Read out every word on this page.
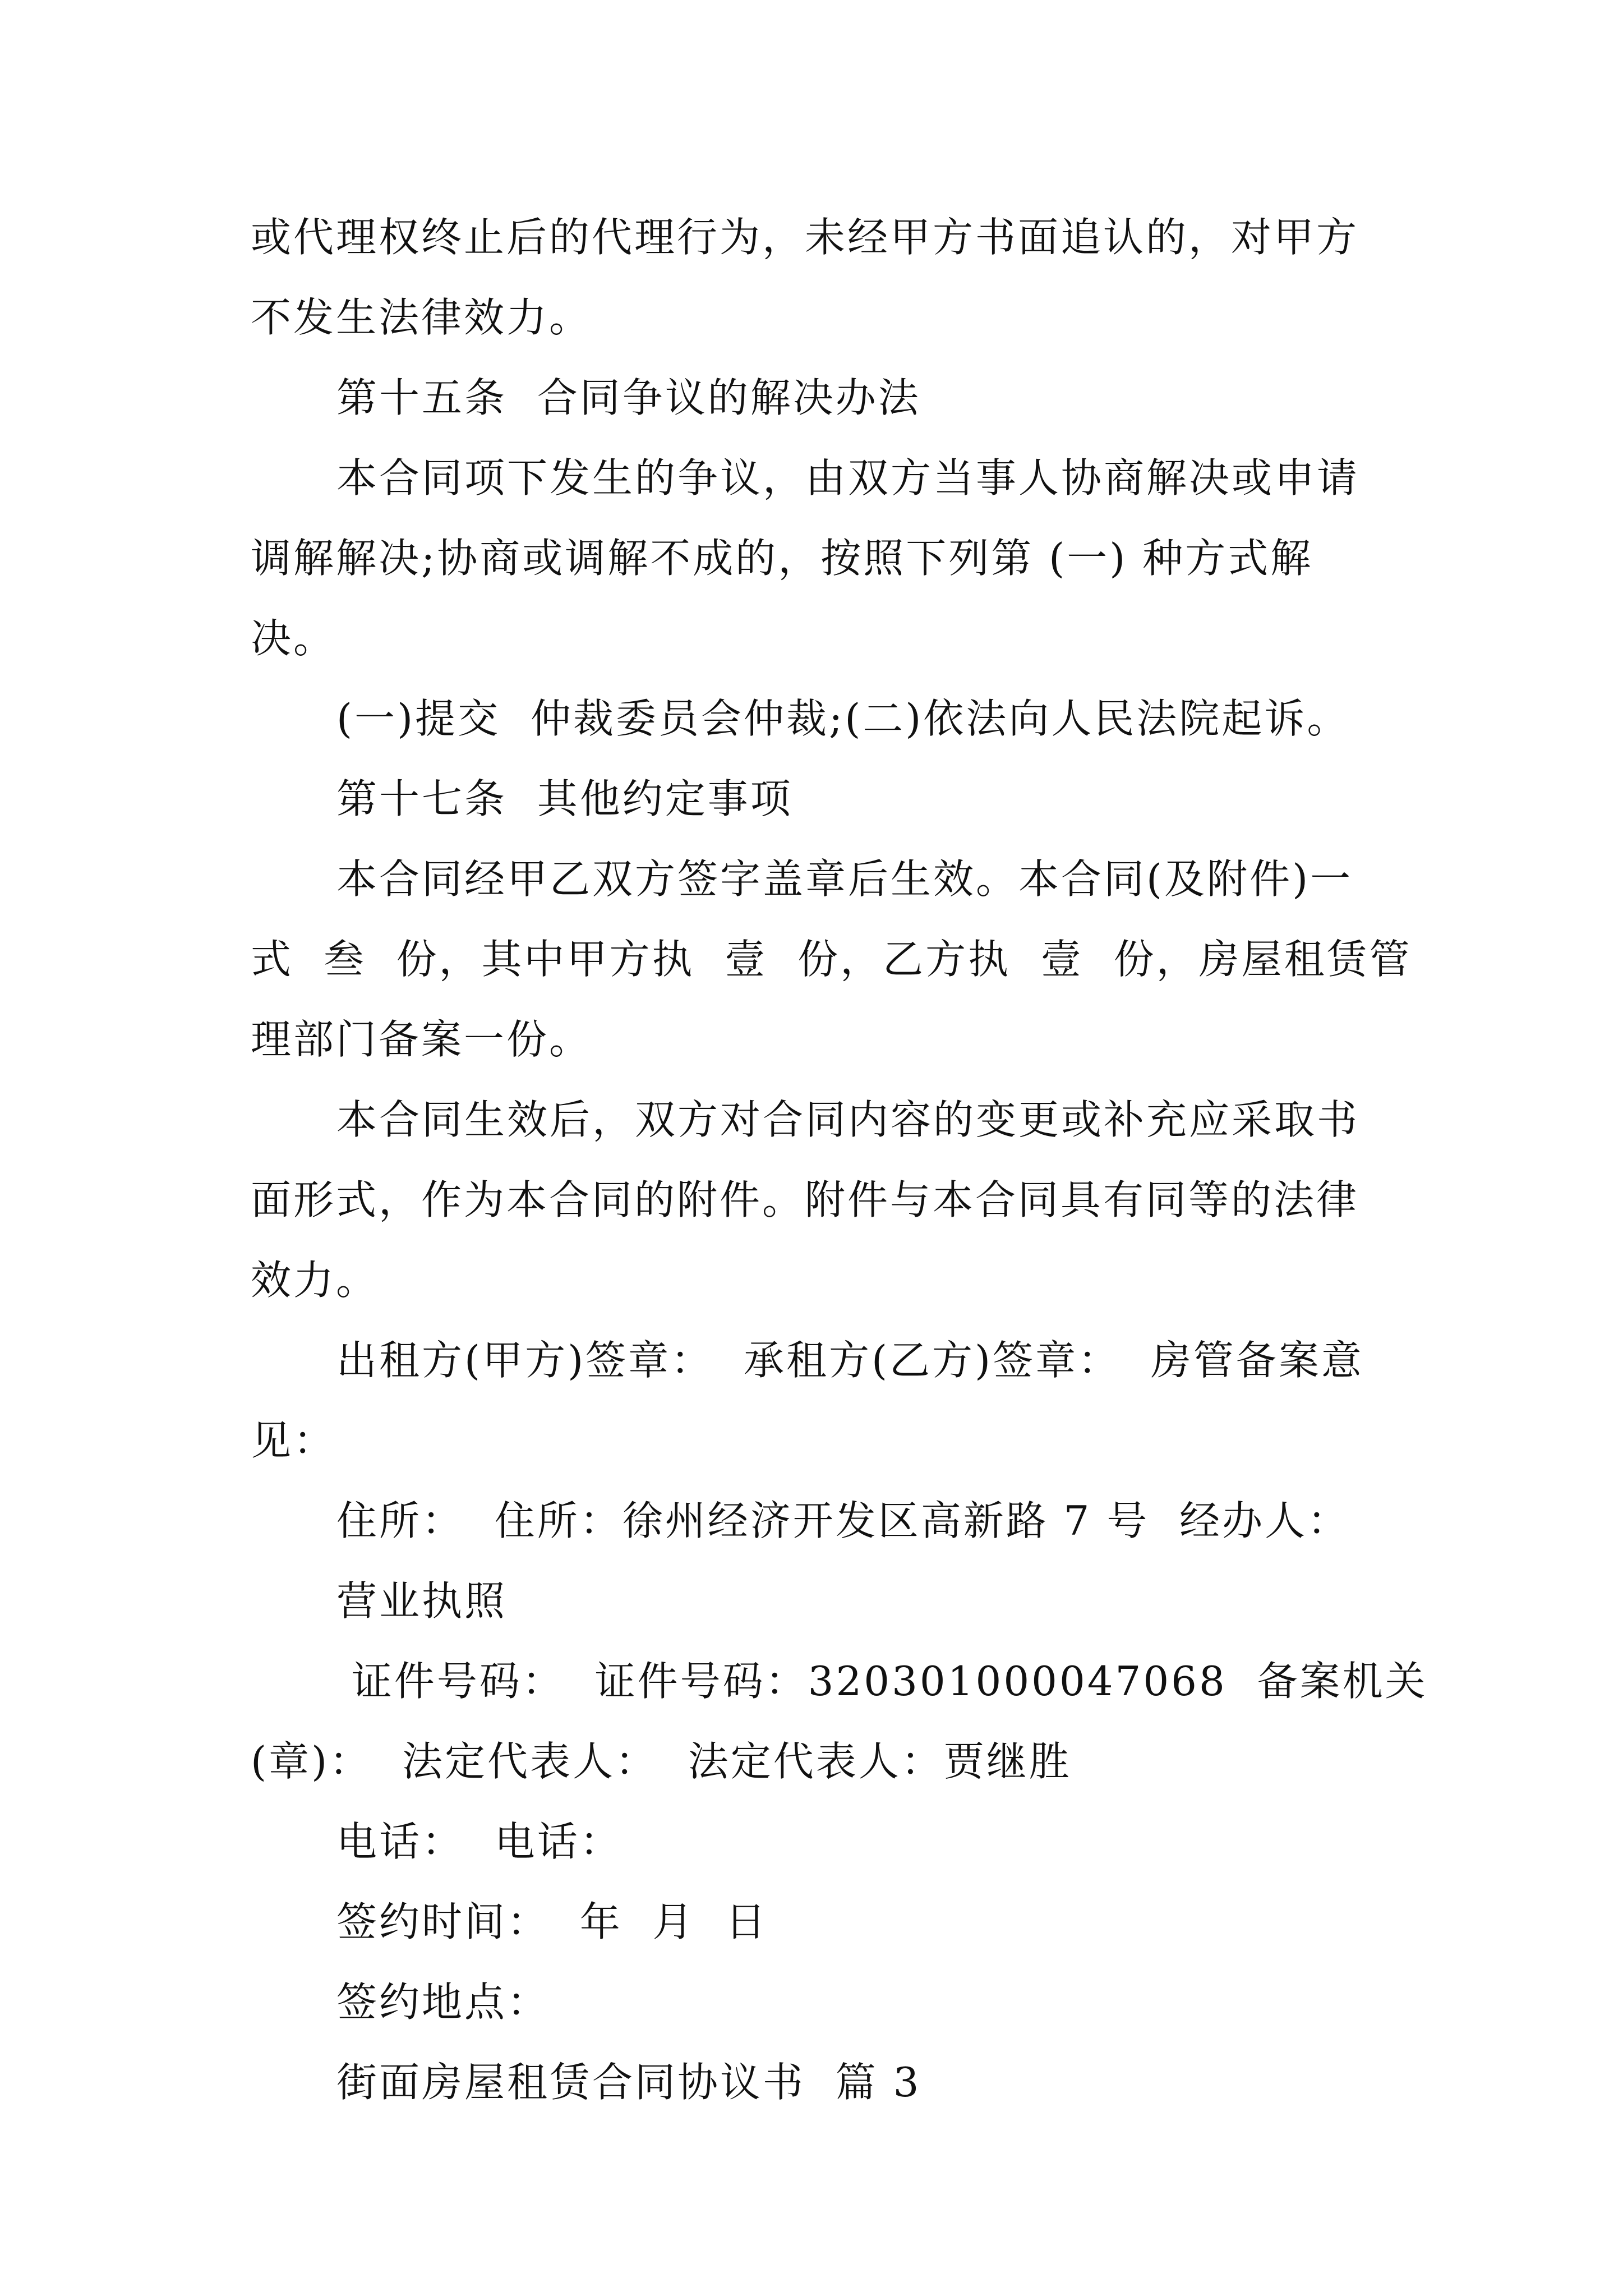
或代理权终止后的代理行为，未经甲方书面追认的，对甲方
不发生法律效力。
第十五条  合同争议的解决办法
本合同项下发生的争议，由双方当事人协商解决或申请
调解解决;协商或调解不成的，按照下列第 (一) 种方式解
决。
(一)提交  仲裁委员会仲裁;(二)依法向人民法院起诉。
第十七条  其他约定事项
本合同经甲乙双方签字盖章后生效。本合同(及附件)一
式  叁  份，其中甲方执  壹  份，乙方执  壹  份，房屋租赁管
理部门备案一份。
本合同生效后，双方对合同内容的变更或补充应采取书
面形式，作为本合同的附件。附件与本合同具有同等的法律
效力。
出租方(甲方)签章：  承租方(乙方)签章：  房管备案意
见：
住所：  住所：徐州经济开发区高新路 7 号  经办人：
营业执照
证件号码：  证件号码：320301000047068  备案机关
(章)：  法定代表人：  法定代表人：贾继胜
电话：  电话：
签约时间：  年  月  日
签约地点：
街面房屋租赁合同协议书  篇 3
